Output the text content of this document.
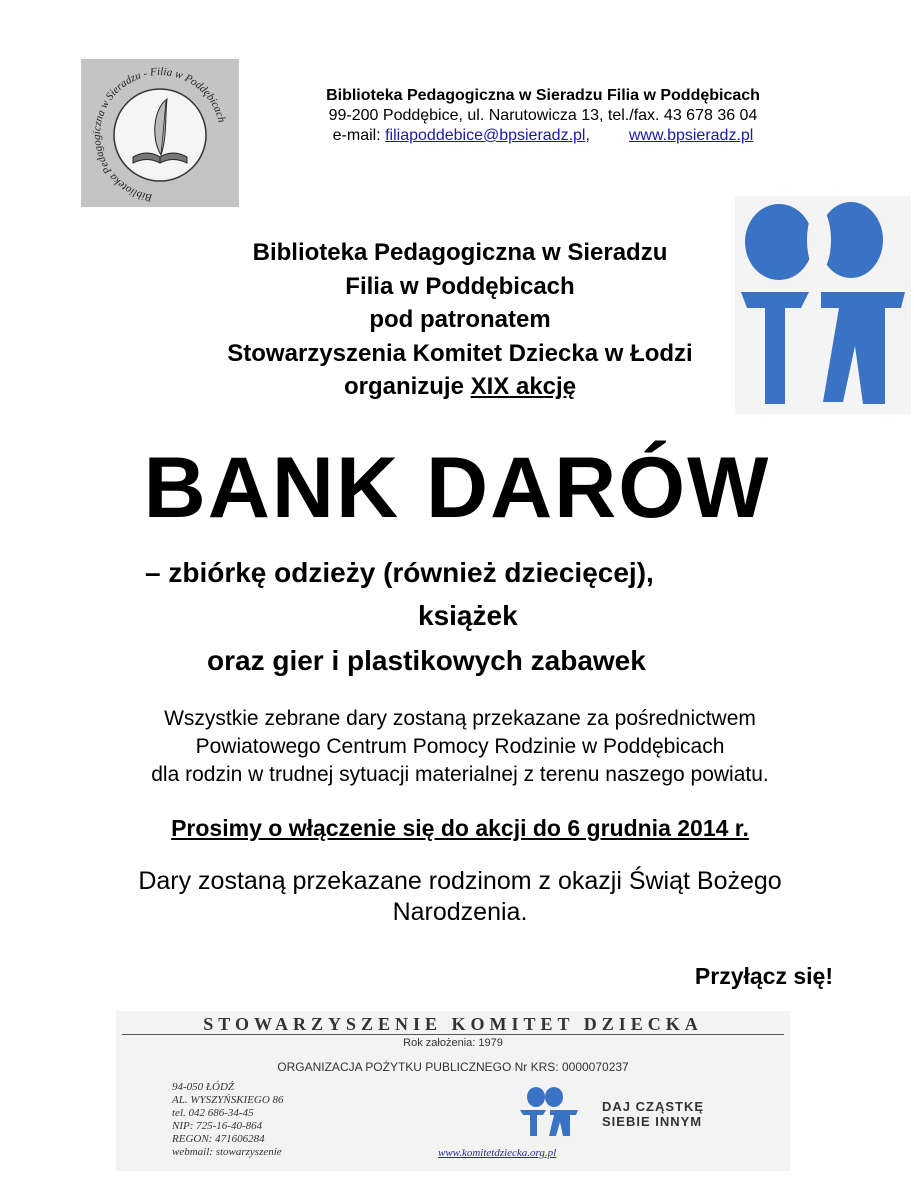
Biblioteka Pedagogiczna w Sieradzu - Filia w Poddębicach
Biblioteka Pedagogiczna w Sieradzu Filia w Poddębicach
99-200 Poddębice, ul. Narutowicza 13, tel./fax. 43 678 36 04
e-mail: filiapoddebice@bpsieradz.pl, www.bpsieradz.pl
Biblioteka Pedagogiczna w Sieradzu
Filia w Poddębicach
pod patronatem
Stowarzyszenia Komitet Dziecka w Łodzi
organizuje XIX akcję
BANK DARÓW
– zbiórkę odzieży (również dziecięcej),
książek
oraz gier i plastikowych zabawek
Wszystkie zebrane dary zostaną przekazane za pośrednictwem
Powiatowego Centrum Pomocy Rodzinie w Poddębicach
dla rodzin w trudnej sytuacji materialnej z terenu naszego powiatu.
Prosimy o włączenie się do akcji do 6 grudnia 2014 r.
Dary zostaną przekazane rodzinom z okazji Świąt Bożego
Narodzenia.
Przyłącz się!
STOWARZYSZENIE KOMITET DZIECKA
Rok założenia: 1979
ORGANIZACJA POŻYTKU PUBLICZNEGO Nr KRS: 0000070237
94-050 ŁÓDŹ
AL. WYSZYŃSKIEGO 86
tel. 042 686-34-45
NIP: 725-16-40-864
REGON: 471606284
webmail: stowarzyszenie
DAJ CZĄSTKĘ
SIEBIE INNYM
www.komitetdziecka.org.pl
